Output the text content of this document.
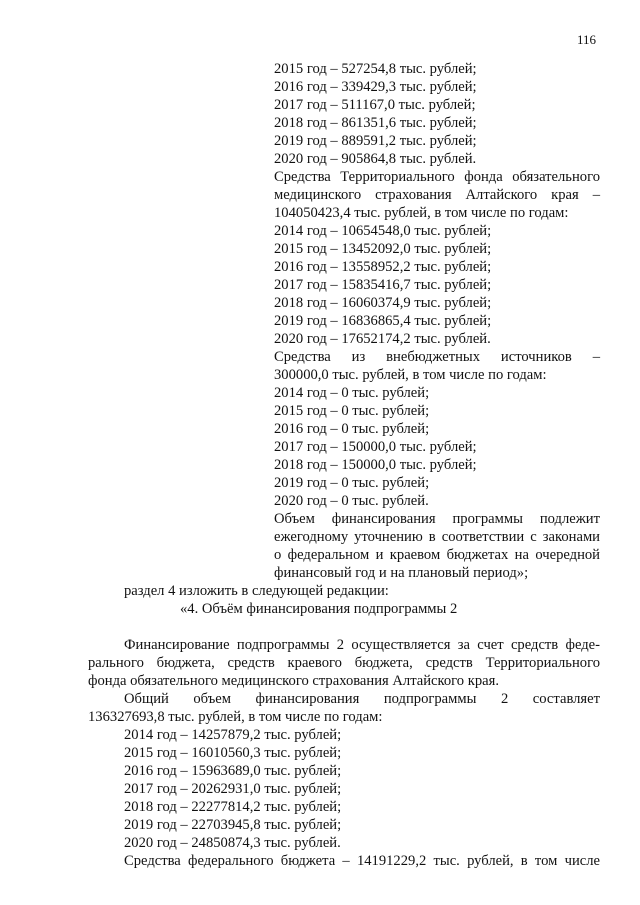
116
2015 год – 527254,8 тыс. рублей;
2016 год – 339429,3 тыс. рублей;
2017 год – 511167,0 тыс. рублей;
2018 год – 861351,6 тыс. рублей;
2019 год – 889591,2 тыс. рублей;
2020 год – 905864,8 тыс. рублей.
Средства Территориального фонда обязательного
медицинского страхования Алтайского края –
104050423,4 тыс. рублей, в том числе по годам:
2014 год – 10654548,0 тыс. рублей;
2015 год – 13452092,0 тыс. рублей;
2016 год – 13558952,2 тыс. рублей;
2017 год – 15835416,7 тыс. рублей;
2018 год – 16060374,9 тыс. рублей;
2019 год – 16836865,4 тыс. рублей;
2020 год – 17652174,2 тыс. рублей.
Средства из внебюджетных источников –
300000,0 тыс. рублей, в том числе по годам:
2014 год – 0 тыс. рублей;
2015 год – 0 тыс. рублей;
2016 год – 0 тыс. рублей;
2017 год – 150000,0 тыс. рублей;
2018 год – 150000,0 тыс. рублей;
2019 год – 0 тыс. рублей;
2020 год – 0 тыс. рублей.
Объем финансирования программы подлежит
ежегодному уточнению в соответствии с законами
о федеральном и краевом бюджетах на очередной
финансовый год и на плановый период»;
раздел 4 изложить в следующей редакции:
«4. Объём финансирования подпрограммы 2
Финансирование подпрограммы 2 осуществляется за счет средств феде-
рального бюджета, средств краевого бюджета, средств Территориального
фонда обязательного медицинского страхования Алтайского края.
Общий объем финансирования подпрограммы 2 составляет
136327693,8 тыс. рублей, в том числе по годам:
2014 год – 14257879,2 тыс. рублей;
2015 год – 16010560,3 тыс. рублей;
2016 год – 15963689,0 тыс. рублей;
2017 год – 20262931,0 тыс. рублей;
2018 год – 22277814,2 тыс. рублей;
2019 год – 22703945,8 тыс. рублей;
2020 год – 24850874,3 тыс. рублей.
Средства федерального бюджета – 14191229,2 тыс. рублей, в том числе
